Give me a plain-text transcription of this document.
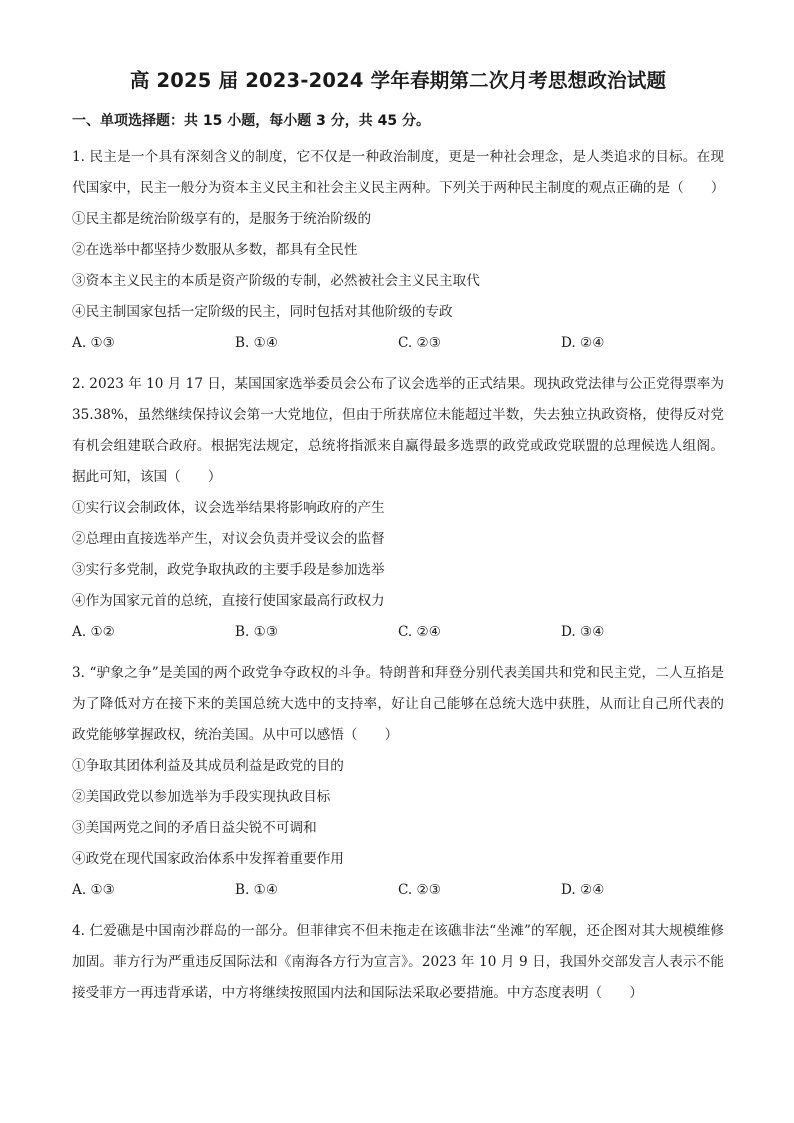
高 2025 届 2023-2024 学年春期第二次月考思想政治试题
一、单项选择题：共 15 小题，每小题 3 分，共 45 分。

1. 民主是一个具有深刻含义的制度，它不仅是一种政治制度，更是一种社会理念，是人类追求的目标。在现代国家中，民主一般分为资本主义民主和社会主义民主两种。下列关于两种民主制度的观点正确的是（　　）

①民主都是统治阶级享有的，是服务于统治阶级的

②在选举中都坚持少数服从多数，都具有全民性

③资本主义民主的本质是资产阶级的专制，必然被社会主义民主取代

④民主制国家包括一定阶级的民主，同时包括对其他阶级的专政

A. ①③	B. ①④	C. ②③	D. ②④

2. 2023 年 10 月 17 日，某国国家选举委员会公布了议会选举的正式结果。现执政党法律与公正党得票率为 35.38%，虽然继续保持议会第一大党地位，但由于所获席位未能超过半数，失去独立执政资格，使得反对党有机会组建联合政府。根据宪法规定，总统将指派来自赢得最多选票的政党或政党联盟的总理候选人组阁。据此可知，该国（　　）

①实行议会制政体，议会选举结果将影响政府的产生

②总理由直接选举产生，对议会负责并受议会的监督

③实行多党制，政党争取执政的主要手段是参加选举

④作为国家元首的总统，直接行使国家最高行政权力

A. ①②	B. ①③	C. ②④	D. ③④

3. “驴象之争”是美国的两个政党争夺政权的斗争。特朗普和拜登分别代表美国共和党和民主党，二人互掐是为了降低对方在接下来的美国总统大选中的支持率，好让自己能够在总统大选中获胜，从而让自己所代表的政党能够掌握政权，统治美国。从中可以感悟（　　）

①争取其团体利益及其成员利益是政党的目的

②美国政党以参加选举为手段实现执政目标

③美国两党之间的矛盾日益尖锐不可调和

④政党在现代国家政治体系中发挥着重要作用

A. ①③	B. ①④	C. ②③	D. ②④

4. 仁爱礁是中国南沙群岛的一部分。但菲律宾不但未拖走在该礁非法“坐滩”的军舰，还企图对其大规模维修加固。菲方行为严重违反国际法和《南海各方行为宣言》。2023 年 10 月 9 日，我国外交部发言人表示不能接受菲方一再违背承诺，中方将继续按照国内法和国际法采取必要措施。中方态度表明（　　）
